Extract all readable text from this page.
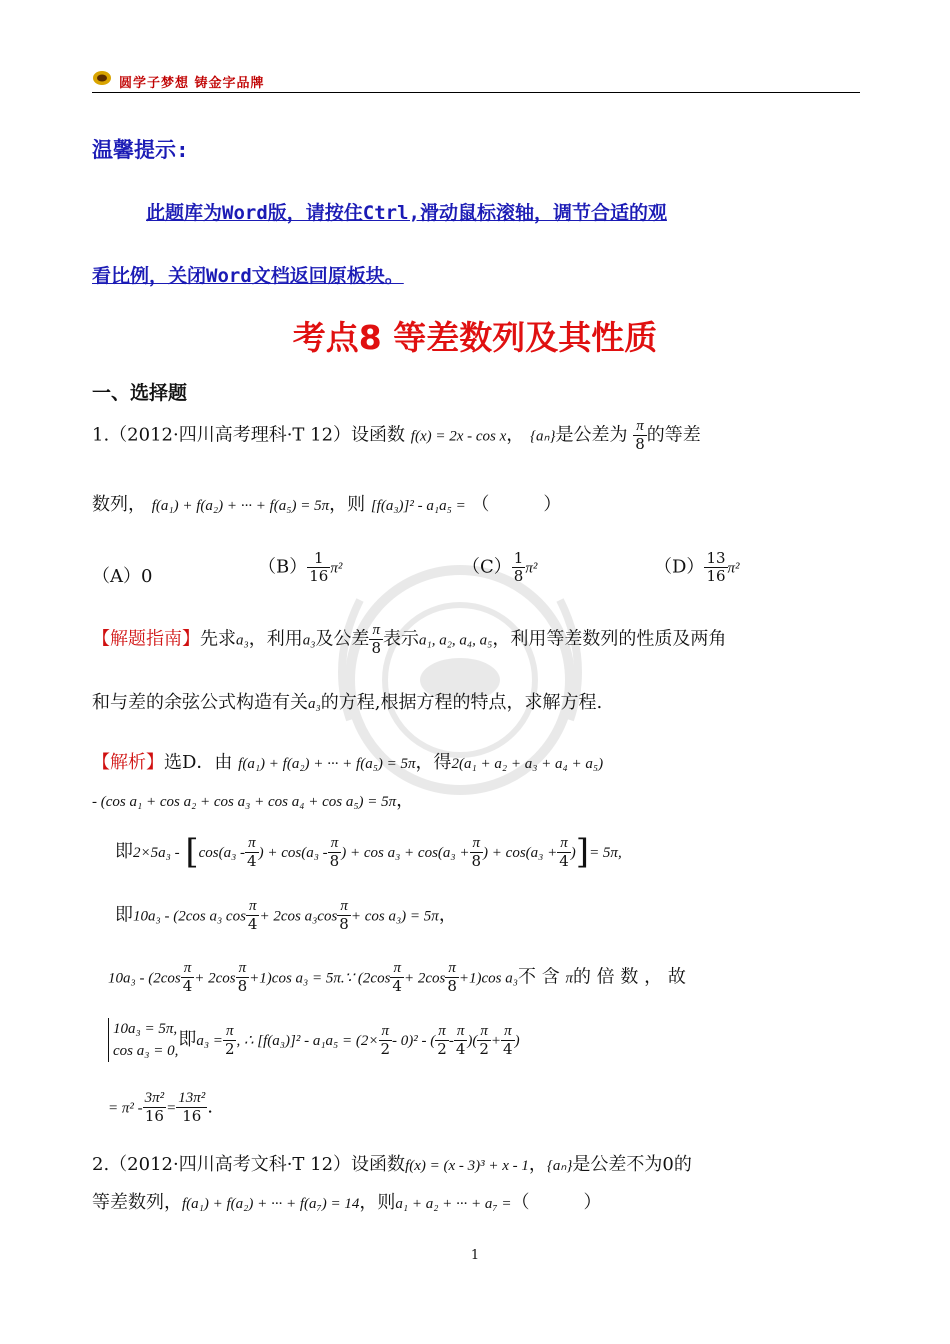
圆学子梦想 铸金字品牌
温馨提示:
此题库为Word版，请按住Ctrl,滑动鼠标滚轴，调节合适的观
看比例，关闭Word文档返回原板块。
考点8 等差数列及其性质
一、选择题
1.（2012·四川高考理科·T 12）设函数 f(x) = 2x - cos x， {aₙ}是公差为 $\frac{\pi}{8}$ 的等差
数列， f(a₁) + f(a₂) + ··· + f(a₅) = 5π，则 [f(a₃)]² - a₁a₅ = （　　　）
（A）0	$(B) \frac{1}{16} \pi^2$	$(C) \frac{1}{8} \pi^2$	$(D) \frac{13}{16} \pi^2$
【解题指南】先求a₃，利用a₃及公差 $\frac{\pi}{8}$ 表示a₁, a₂, a₄, a₅，利用等差数列的性质及两角
和与差的余弦公式构造有关a₃的方程,根据方程的特点，求解方程.
【解析】选D．由 f(a₁) + f(a₂) + ··· + f(a₅) = 5π，得2(a₁ + a₂ + a₃ + a₄ + a₅)
- (cos a₁ + cos a₂ + cos a₃ + cos a₄ + cos a₅) = 5π，
即$2\times 5a_3 - [\cos(a_3 - \frac{\pi}{4}$ ) + $\cos(a_3 - \frac{\pi}{8}$ ) + $\cos a_3 + \cos(a_3 + \frac{\pi}{8}$ ) + $\cos(a_3 + \frac{\pi}{4}$ )]= 5π,
即10a₃ - (2cos a₃ $\cos \frac{\pi}{4} + 2\cos$ $a_3\cos \frac{\pi}{8} + \cos a_3) = 5\pi$，
$10a_3 - (2\cos \frac{\pi}{4} + 2\cos \frac{\pi}{8} +1)\cos$ a₃ = 5π.∵ $(2\cos \frac{\pi}{4} + 2\cos \frac{\pi}{8} +1)\cos$ a₃不 含 π的 倍 数 ， 故
10a₃ = 5π,
cos a₃ = 0,
即$a_3 = \frac{\pi}{2}$ , ∴ $[f(a_3)]^2 - a_1a_5 = (2\times \frac{\pi}{2} - 0)^2$ - ( $\frac{\pi}{2} - \frac{\pi}{4}$ )( $\frac{\pi}{2} + \frac{\pi}{4}$ )
= $\pi^2 - \frac{\text{3π²}}{16} = \frac{\text{13π²}}{16}$ .
2.（2012·四川高考文科·T 12）设函数f(x) = (x - 3)³ + x - 1，{aₙ}是公差不为0的
等差数列，f(a₁) + f(a₂) + ··· + f(a₇) = 14，则a₁ + a₂ + ··· + a₇ =（　　　）
1
